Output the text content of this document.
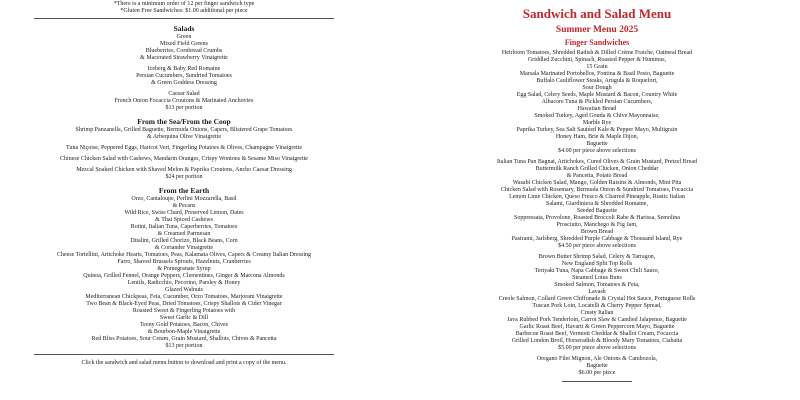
*There is a minimum order of 12 per finger sandwich type
*Gluten Free Sandwiches: $1.00 additional per piece
Salads
Green
Mixed Field Greens
Blueberries, Cornbread Crumbs
& Macerated Strawberry Vinaigrette
Iceberg & Baby Red Romaine
Persian Cucumbers, Sundried Tomatoes
& Green Goddess Dressing
Caesar Salad
French Onion Focaccia Croutons & Marinated Anchovies
$13 per portion
From the Sea/From the Coop
Shrimp Panzanella, Grilled Baguette, Bermuda Onions, Capers, Blistered Grape Tomatoes
& Arbequina Olive Vinaigrette
Tuna Niçoise, Peppered Eggs, Haricot Vert, Fingerling Potatoes & Olives, Champagne Vinaigrette
Chinese Chicken Salad with Cashews, Mandarin Oranges, Crispy Wontons & Sesame Miso Vinaigrette
Mezcal Soaked Chicken with Shaved Melon & Paprika Croutons, Ancho Caesar Dressing
$24 per portion
From the Earth
Orzo, Cantaloupe, Perlini Mozzarella, Basil
& Pecans
Wild Rice, Swiss Chard, Preserved Lemon, Dates
& Thai Spiced Cashews
Rotini, Italian Tuna, Caperberries, Tomatoes
& Creamed Parmesan
Ditalini, Grilled Chorizo, Black Beans, Corn
& Coriander Vinaigrette
Cheese Tortellini, Artichoke Hearts, Tomatoes, Peas, Kalamata Olives, Capers & Creamy Italian Dressing
Farro, Shaved Brussels Sprouts, Hazelnuts, Cranberries
& Pomegranate Syrup
Quinoa, Grilled Fennel, Orange Peppers, Clementines, Ginger & Marcona Almonds
Lentils, Radicchio, Pecorino, Parsley & Honey
Glazed Walnuts
Mediterranean Chickpeas, Feta, Cucumber, Orzo Tomatoes, Marjoram Vinaigrette
Two Bean & Black-Eyed Peas, Dried Tomatoes, Crispy Shallots & Cider Vinegar
Roasted Sweet & Fingerling Potatoes with
Sweet Garlic & Dill
Teeny Gold Potatoes, Bacon, Chives
& Bourbon-Maple Vinaigrette
Red Bliss Potatoes, Sour Cream, Grain Mustard, Shallots, Chives & Pancetta
$13 per portion
Click the sandwich and salad menu button to download and print a copy of the menu.
Sandwich and Salad Menu
Summer Menu 2025
Finger Sandwiches
Heirloom Tomatoes, Shredded Radish & Dilled Crème Fraiche, Oatmeal Bread
Griddled Zucchini, Spinach, Roasted Pepper & Hummus,
15 Grain
Marsala Marinated Portobellos, Fontina & Basil Pesto, Baguette
Buffalo Cauliflower Steaks, Arugula & Roquefort,
Sour Dough
Egg Salad, Celery Seeds, Maple Mustard & Bacon, Country White
Albacore Tuna & Pickled Persian Cucumbers,
Hawaiian Bread
Smoked Turkey, Aged Gouda & Chive Mayonnaise,
Marble Rye
Paprika Turkey, Sea Salt Sautéed Kale & Pepper Mayo, Multigrain
Honey Ham, Brie & Maple Dijon,
Baguette
$4.00 per piece above selections
Italian Tuna Pan Bagnat, Artichokes, Cured Olives & Grain Mustard, Pretzel Bread
Buttermilk Ranch Grilled Chicken, Onion Cheddar
& Pancetta, Potato Bread
Wasabi Chicken Salad, Mango, Golden Raisins & Almonds, Mini Pita
Chicken Salad with Rosemary, Bermuda Onion & Sundried Tomatoes, Focaccia
Lemon Lime Chicken, Queso Fresco & Charred Pineapple, Rustic Italian
Salami, Giardiniera & Shredded Romaine,
Seeded Baguette
Soppressata, Provolone, Roasted Broccoli Rabe & Harissa, Semolina
Prosciutto, Manchego & Fig Jam,
Brown Bread
Pastrami, Jarlsberg, Shredded Purple Cabbage & Thousand Island, Rye
$4.50 per piece above selections
Brown Butter Shrimp Salad, Celery & Tarragon,
New England Split Top Rolls
Teriyaki Tuna, Napa Cabbage & Sweet Chili Sauce,
Steamed Lotus Buns
Smoked Salmon, Tomatoes & Feta,
Lavash
Creole Salmon, Collard Green Chiffonade & Crystal Hot Sauce, Portuguese Rolls
Tuscan Pork Loin, Locatelli & Cherry Pepper Spread,
Crusty Italian
Java Rubbed Pork Tenderloin, Carrot Slaw & Candied Jalapenos, Baguette
Garlic Roast Beef, Havarti & Green Peppercorn Mayo, Baguette
Barbecue Roast Beef, Vermont Cheddar & Shallot Cream, Focaccia
Grilled London Broil, Horseradish & Bloody Mary Tomatoes, Ciabatta
$5.00 per piece above selections
Oregano Filet Mignon, Ale Onions & Cambozola,
Baguette
$6.00 per piece
